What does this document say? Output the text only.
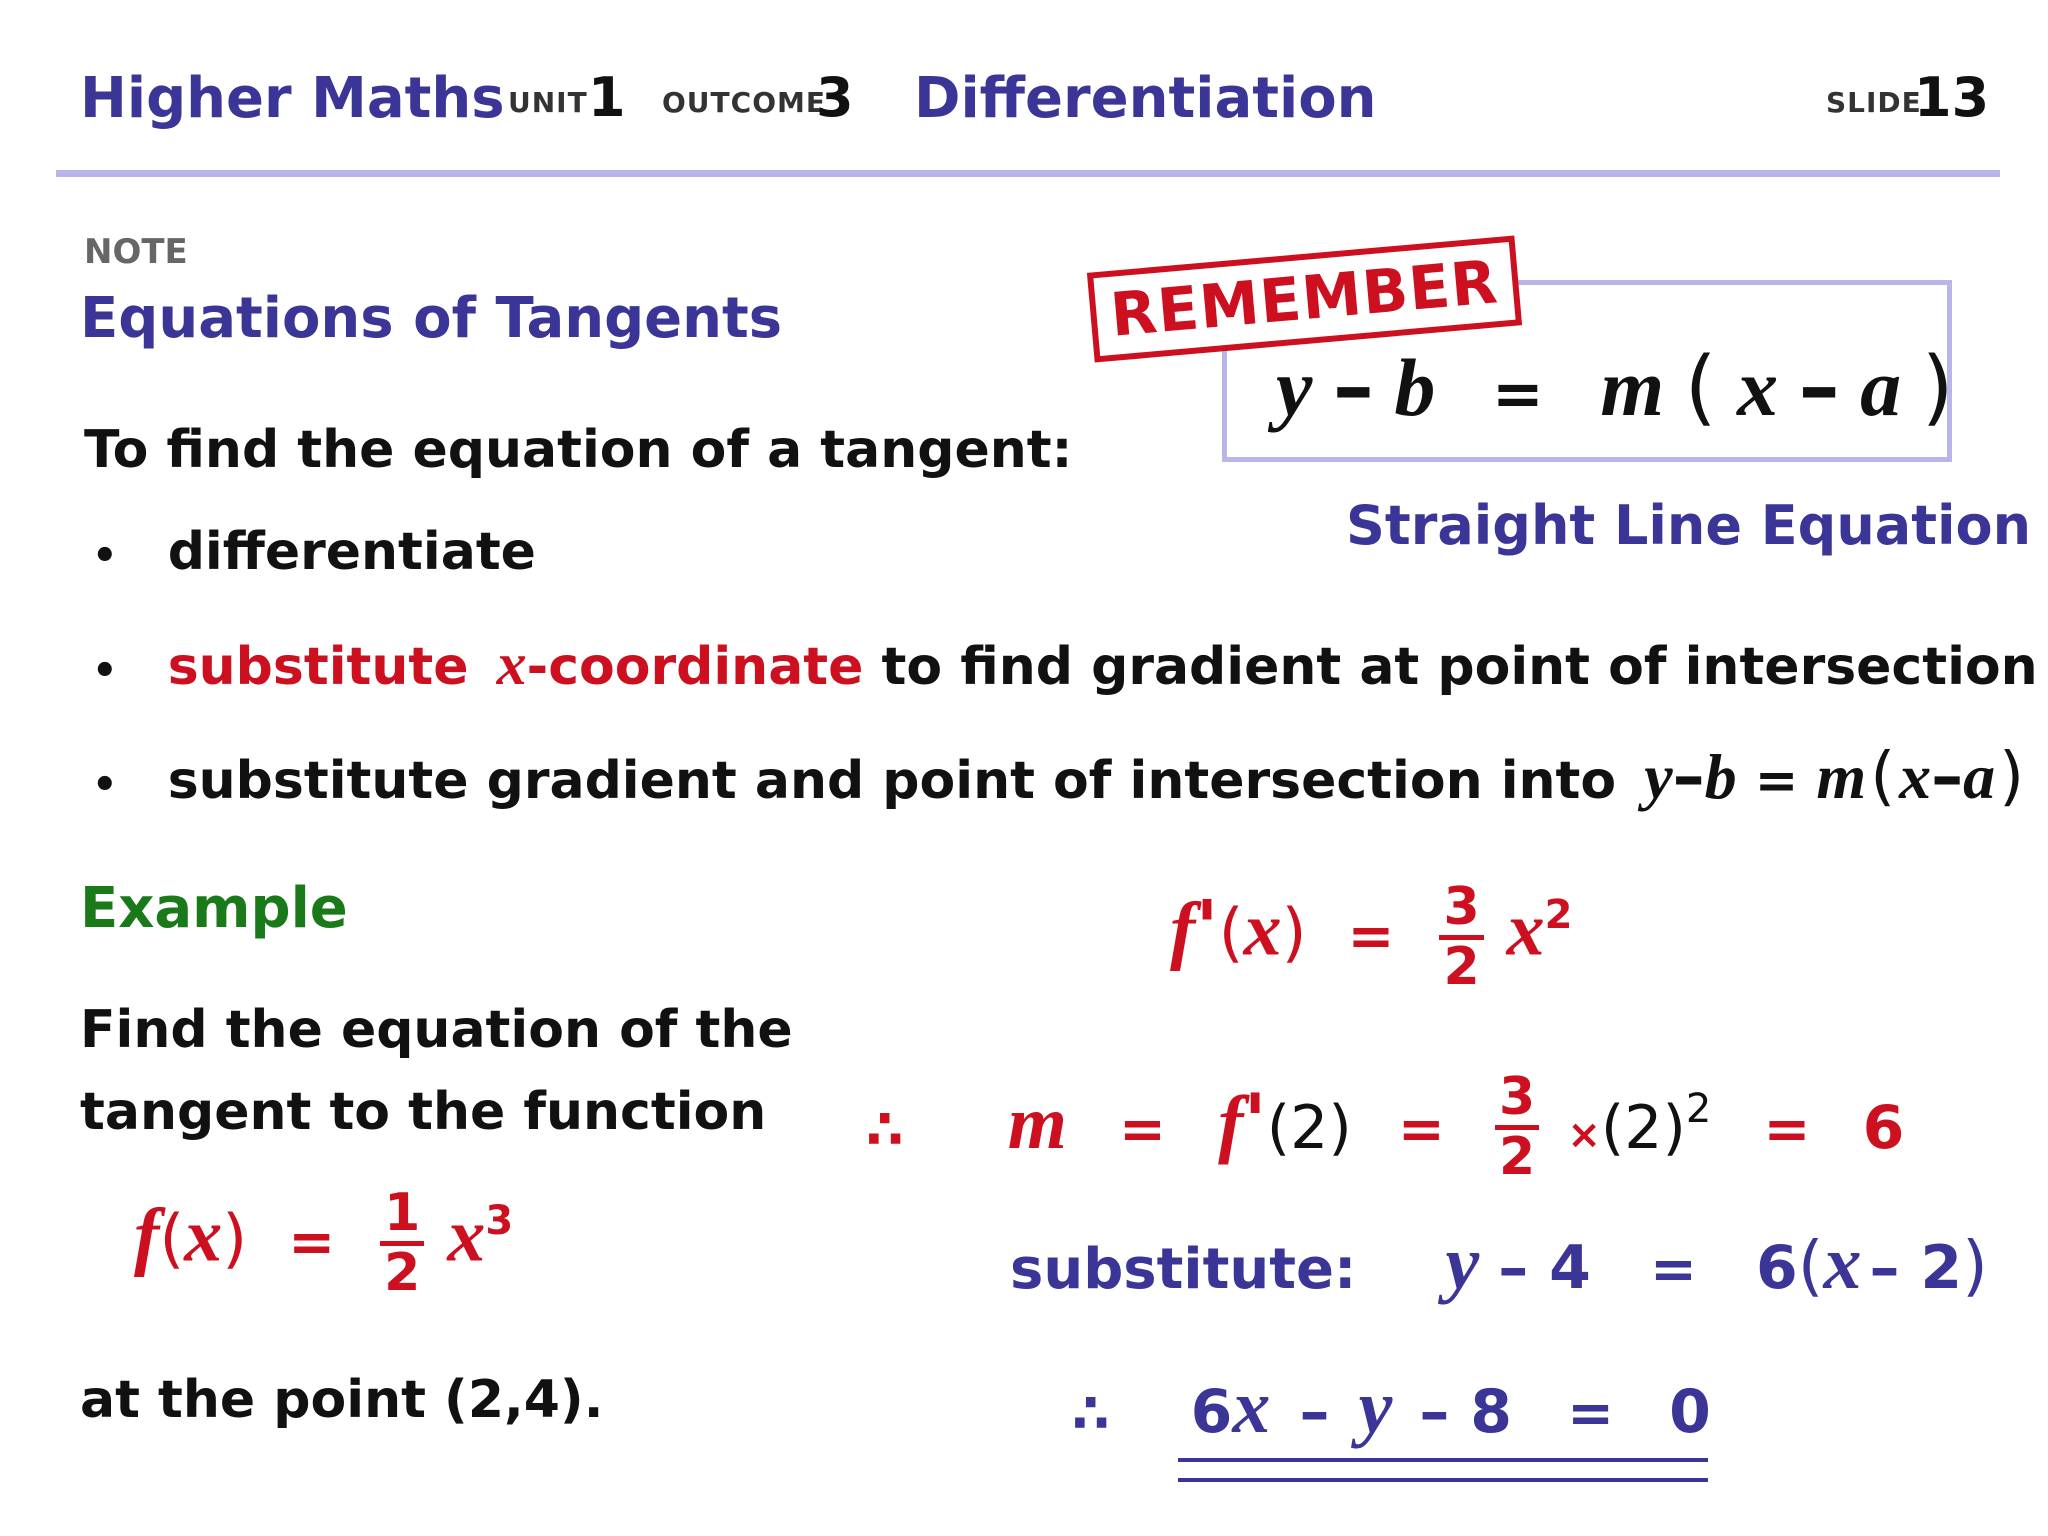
Higher Maths UNIT 1 OUTCOME
3 Differentiation	SLIDE
13
NOTE
Equations of Tangents
To find the equation of a tangent:
• differentiate
• substitute x-coordinate to find gradient at point of intersection
• substitute gradient and point of intersection into y–b = m(x–a)
REMEMBER
y – b = m ( x – a )
Straight Line Equation
Example
Find the equation of the
tangent to the function
$f(x) = \frac{1}{2} x^3$
at the point (2,4).
$f'(x) = \frac{3}{2} x^2$
∴ $m = f'(2) = \frac{3}{2} \times(2)^2 = 6$
substitute: y – 4 = 6(x – 2)
∴ 6x – y – 8 = 0
